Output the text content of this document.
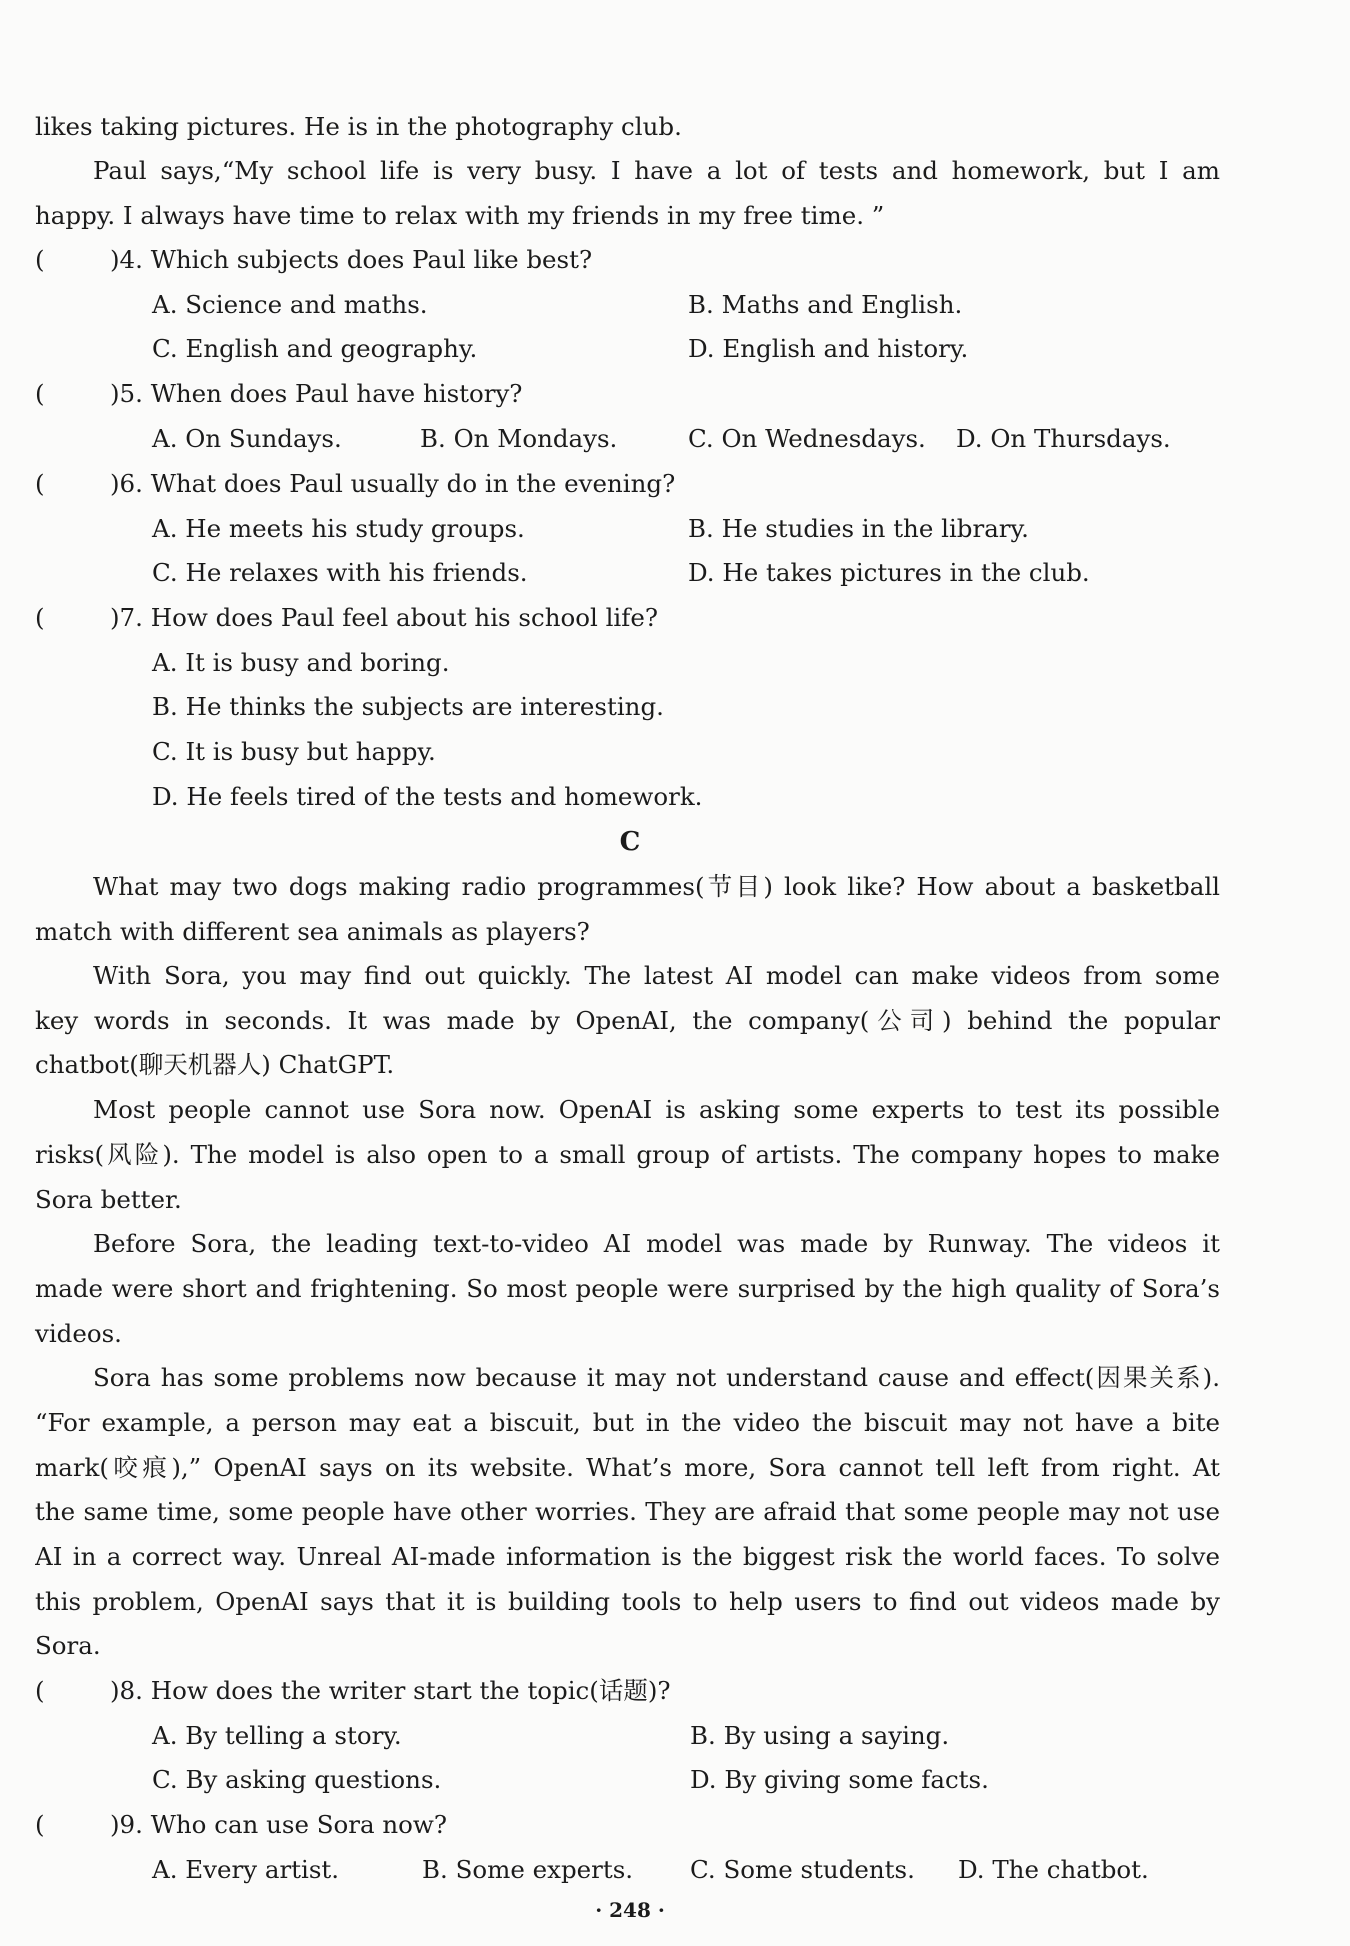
likes taking pictures. He is in the photography club.
Paul says,“My school life is very busy. I have a lot of tests and homework, but I am
happy. I always have time to relax with my friends in my free time. ”
(	)4. Which subjects does Paul like best?
A. Science and maths.	B. Maths and English.
C. English and geography.	D. English and history.
(	)5. When does Paul have history?
A. On Sundays.	B. On Mondays.	C. On Wednesdays. D. On Thursdays.
(	)6. What does Paul usually do in the evening?
A. He meets his study groups.	B. He studies in the library.
C. He relaxes with his friends.	D. He takes pictures in the club.
(	)7. How does Paul feel about his school life?
A. It is busy and boring.
B. He thinks the subjects are interesting.
C. It is busy but happy.
D. He feels tired of the tests and homework.
C
What may two dogs making radio programmes(节目) look like? How about a basketball
match with different sea animals as players?
With Sora, you may find out quickly. The latest AI model can make videos from some
key words in seconds. It was made by OpenAI, the company(公司) behind the popular
chatbot(聊天机器人) ChatGPT.
Most people cannot use Sora now. OpenAI is asking some experts to test its possible
risks(风险). The model is also open to a small group of artists. The company hopes to make
Sora better.
Before Sora, the leading text-to-video AI model was made by Runway. The videos it
made were short and frightening. So most people were surprised by the high quality of Sora’s
videos.
Sora has some problems now because it may not understand cause and effect(因果关系).
“For example, a person may eat a biscuit, but in the video the biscuit may not have a bite
mark(咬痕),” OpenAI says on its website. What’s more, Sora cannot tell left from right. At
the same time, some people have other worries. They are afraid that some people may not use
AI in a correct way. Unreal AI-made information is the biggest risk the world faces. To solve
this problem, OpenAI says that it is building tools to help users to find out videos made by
Sora.
(	)8. How does the writer start the topic(话题)?
A. By telling a story.	B. By using a saying.
C. By asking questions.	D. By giving some facts.
(	)9. Who can use Sora now?
A. Every artist.	B. Some experts. C. Some students. D. The chatbot.
· 248 ·
